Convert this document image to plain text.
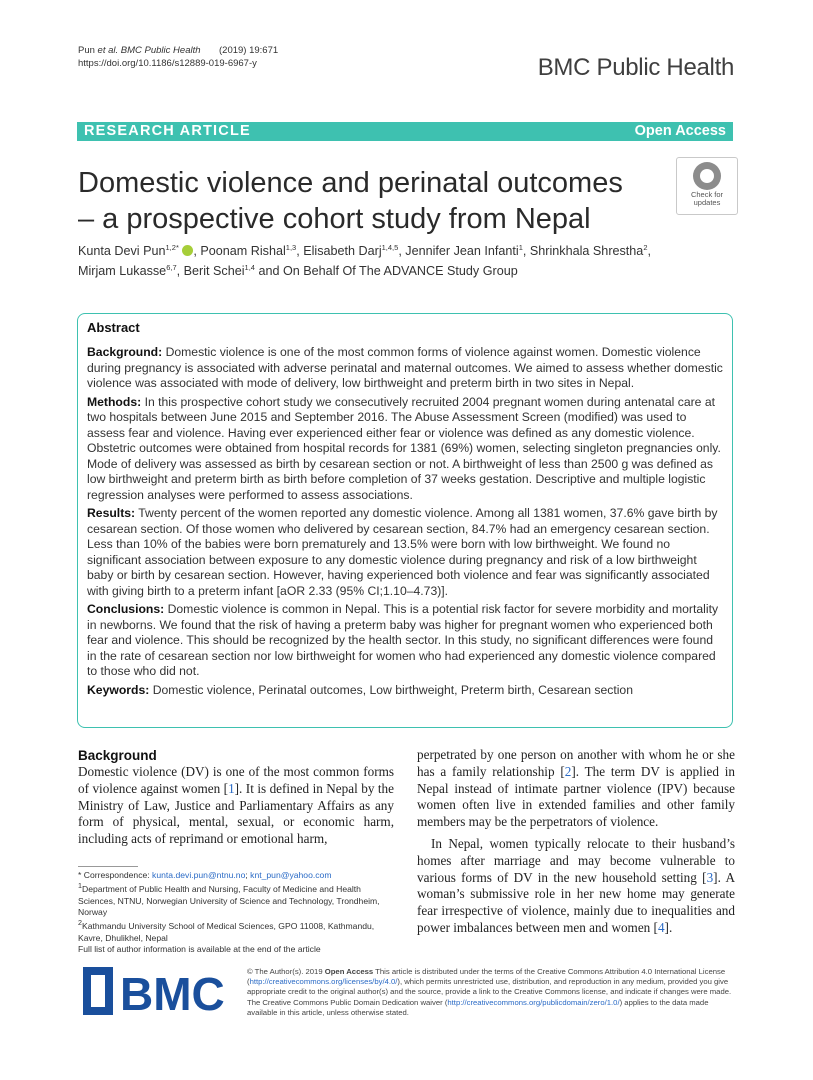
Pun et al. BMC Public Health (2019) 19:671
https://doi.org/10.1186/s12889-019-6967-y	BMC Public Health
RESEARCH ARTICLE	Open Access
Domestic violence and perinatal outcomes
– a prospective cohort study from Nepal
Check for
updates
Kunta Devi Pun$^{1,2*}$ , Poonam Rishal$^{1,3}$, Elisabeth Darj$^{1,4,5}$, Jennifer Jean Infanti$^1$, Shrinkhala Shrestha$^2$,
Mirjam Lukasse$^{6,7}$, Berit Schei$^{1,4}$ and On Behalf Of The ADVANCE Study Group
Abstract

Background: Domestic violence is one of the most common forms of violence against women. Domestic violence during pregnancy is associated with adverse perinatal and maternal outcomes. We aimed to assess whether domestic violence was associated with mode of delivery, low birthweight and preterm birth in two sites in Nepal.

Methods: In this prospective cohort study we consecutively recruited 2004 pregnant women during antenatal care at two hospitals between June 2015 and September 2016. The Abuse Assessment Screen (modified) was used to assess fear and violence. Having ever experienced either fear or violence was defined as any domestic violence. Obstetric outcomes were obtained from hospital records for 1381 (69%) women, selecting singleton pregnancies only. Mode of delivery was assessed as birth by cesarean section or not. A birthweight of less than 2500 g was defined as low birthweight and preterm birth as birth before completion of 37 weeks gestation. Descriptive and multiple logistic regression analyses were performed to assess associations.

Results: Twenty percent of the women reported any domestic violence. Among all 1381 women, 37.6% gave birth by cesarean section. Of those women who delivered by cesarean section, 84.7% had an emergency cesarean section. Less than 10% of the babies were born prematurely and 13.5% were born with low birthweight. We found no significant association between exposure to any domestic violence during pregnancy and risk of a low birthweight baby or birth by cesarean section. However, having experienced both violence and fear was significantly associated with giving birth to a preterm infant [aOR 2.33 (95% CI;1.10–4.73)].

Conclusions: Domestic violence is common in Nepal. This is a potential risk factor for severe morbidity and mortality in newborns. We found that the risk of having a preterm baby was higher for pregnant women who experienced both fear and violence. This should be recognized by the health sector. In this study, no significant differences were found in the rate of cesarean section nor low birthweight for women who had experienced any domestic violence compared to those who did not.

Keywords: Domestic violence, Perinatal outcomes, Low birthweight, Preterm birth, Cesarean section

Background

Domestic violence (DV) is one of the most common forms of violence against women [1]. It is defined in Nepal by the Ministry of Law, Justice and Parliamentary Affairs as any form of physical, mental, sexual, or economic harm, including acts of reprimand or emotional harm,

perpetrated by one person on another with whom he or she has a family relationship [2]. The term DV is applied in Nepal instead of intimate partner violence (IPV) because women often live in extended families and other family members may be the perpetrators of violence.

In Nepal, women typically relocate to their husband’s homes after marriage and may become vulnerable to various forms of DV in the new household setting [3]. A woman’s submissive role in her new home may generate fear irrespective of violence, mainly due to inequalities and power imbalances between men and women [4].

* Correspondence: kunta.devi.pun@ntnu.no; knt_pun@yahoo.com

$^1$Department of Public Health and Nursing, Faculty of Medicine and Health Sciences, NTNU, Norwegian University of Science and Technology, Trondheim, Norway

$^2$Kathmandu University School of Medical Sciences, GPO 11008, Kathmandu, Kavre, Dhulikhel, Nepal

Full list of author information is available at the end of the article

BMC	© The Author(s). 2019 Open Access This article is distributed under the terms of the Creative Commons Attribution 4.0 International License (http://creativecommons.org/licenses/by/4.0/), which permits unrestricted use, distribution, and reproduction in any medium, provided you give appropriate credit to the original author(s) and the source, provide a link to the Creative Commons license, and indicate if changes were made. The Creative Commons Public Domain Dedication waiver (http://creativecommons.org/publicdomain/zero/1.0/) applies to the data made available in this article, unless otherwise stated.
